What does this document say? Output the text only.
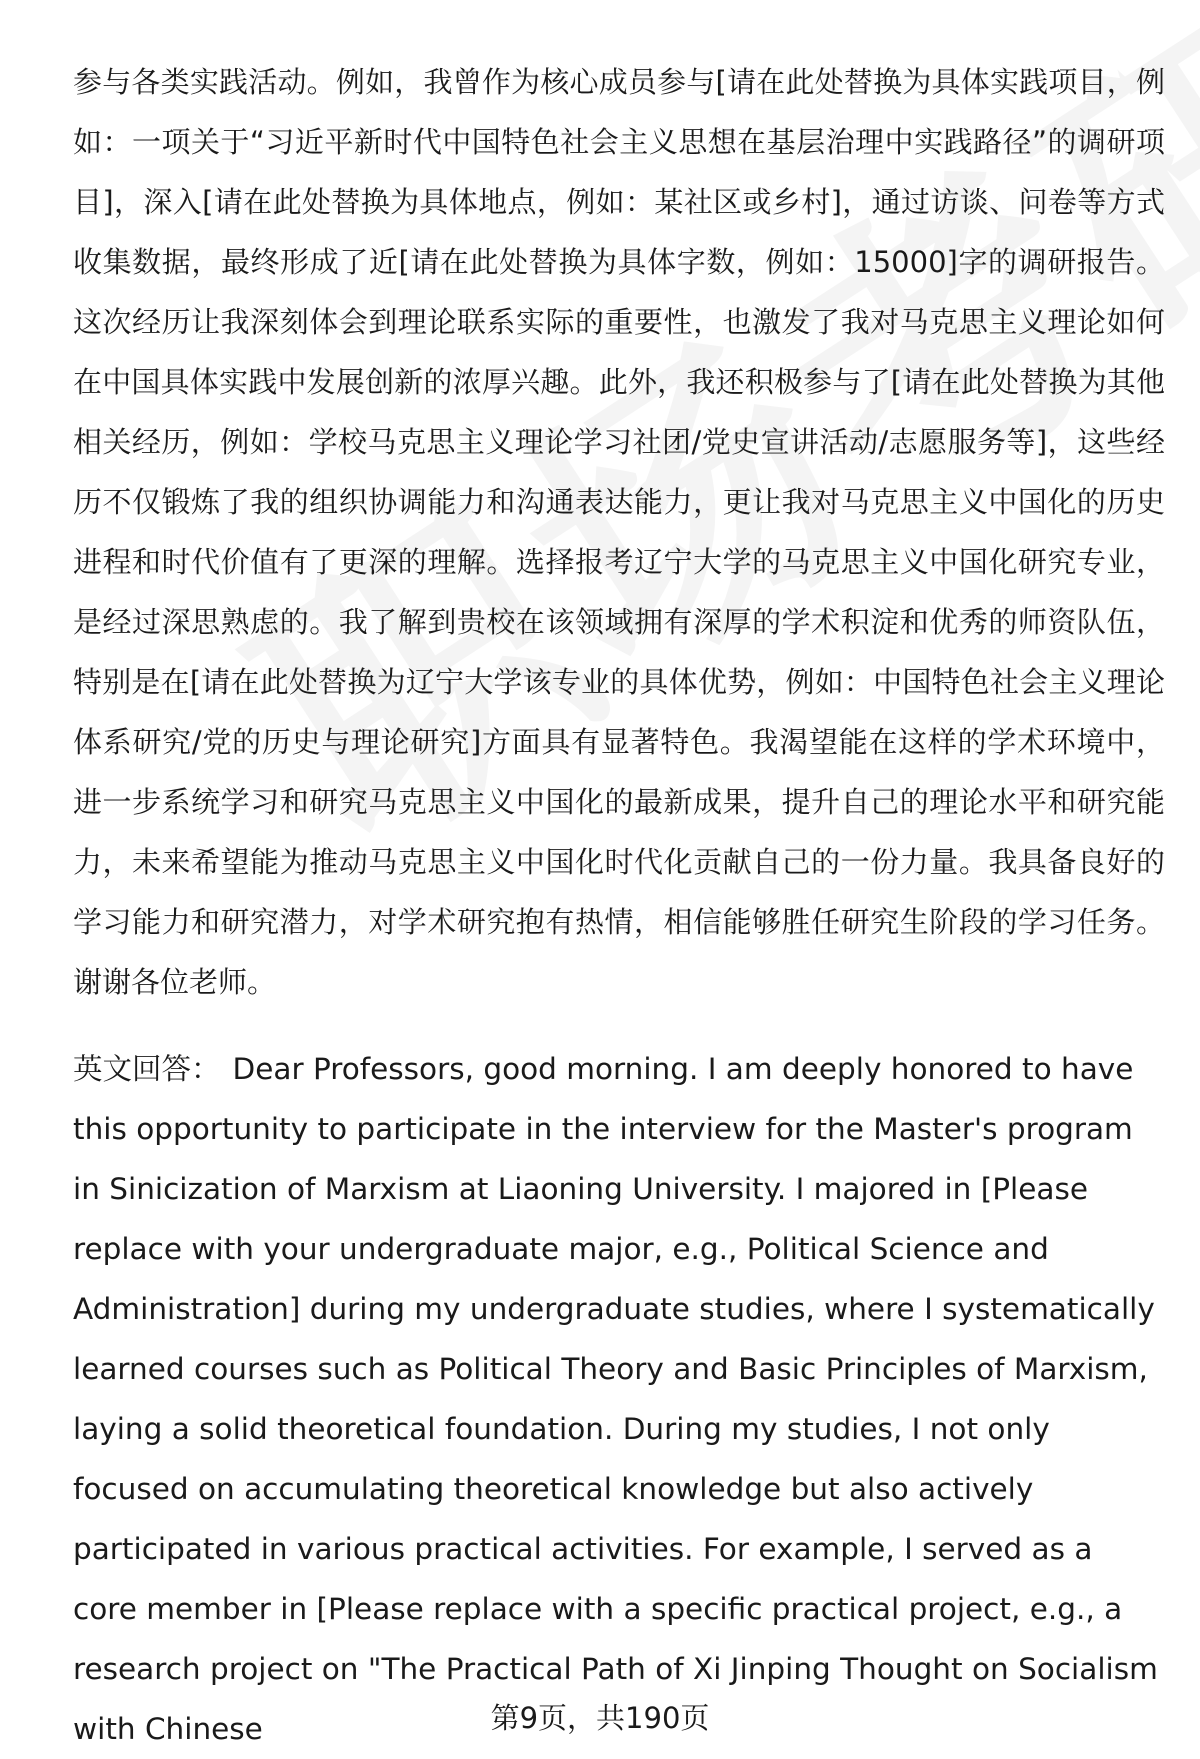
参与各类实践活动。例如，我曾作为核心成员参与[请在此处替换为具体实践项目，例如：一项关于“习近平新时代中国特色社会主义思想在基层治理中实践路径”的调研项目]，深入[请在此处替换为具体地点，例如：某社区或乡村]，通过访谈、问卷等方式收集数据，最终形成了近[请在此处替换为具体字数，例如：15000]字的调研报告。这次经历让我深刻体会到理论联系实际的重要性，也激发了我对马克思主义理论如何在中国具体实践中发展创新的浓厚兴趣。此外，我还积极参与了[请在此处替换为其他相关经历，例如：学校马克思主义理论学习社团/党史宣讲活动/志愿服务等]，这些经历不仅锻炼了我的组织协调能力和沟通表达能力，更让我对马克思主义中国化的历史进程和时代价值有了更深的理解。选择报考辽宁大学的马克思主义中国化研究专业，是经过深思熟虑的。我了解到贵校在该领域拥有深厚的学术积淀和优秀的师资队伍，特别是在[请在此处替换为辽宁大学该专业的具体优势，例如：中国特色社会主义理论体系研究/党的历史与理论研究]方面具有显著特色。我渴望能在这样的学术环境中，进一步系统学习和研究马克思主义中国化的最新成果，提升自己的理论水平和研究能力，未来希望能为推动马克思主义中国化时代化贡献自己的一份力量。我具备良好的学习能力和研究潜力，对学术研究抱有热情，相信能够胜任研究生阶段的学习任务。谢谢各位老师。

英文回答： Dear Professors, good morning. I am deeply honored to have this opportunity to participate in the interview for the Master's program in Sinicization of Marxism at Liaoning University. I majored in [Please replace with your undergraduate major, e.g., Political Science and Administration] during my undergraduate studies, where I systematically learned courses such as Political Theory and Basic Principles of Marxism, laying a solid theoretical foundation. During my studies, I not only focused on accumulating theoretical knowledge but also actively participated in various practical activities. For example, I served as a core member in [Please replace with a specific practical project, e.g., a research project on "The Practical Path of Xi Jinping Thought on Socialism with Chinese	第9页，共190页
